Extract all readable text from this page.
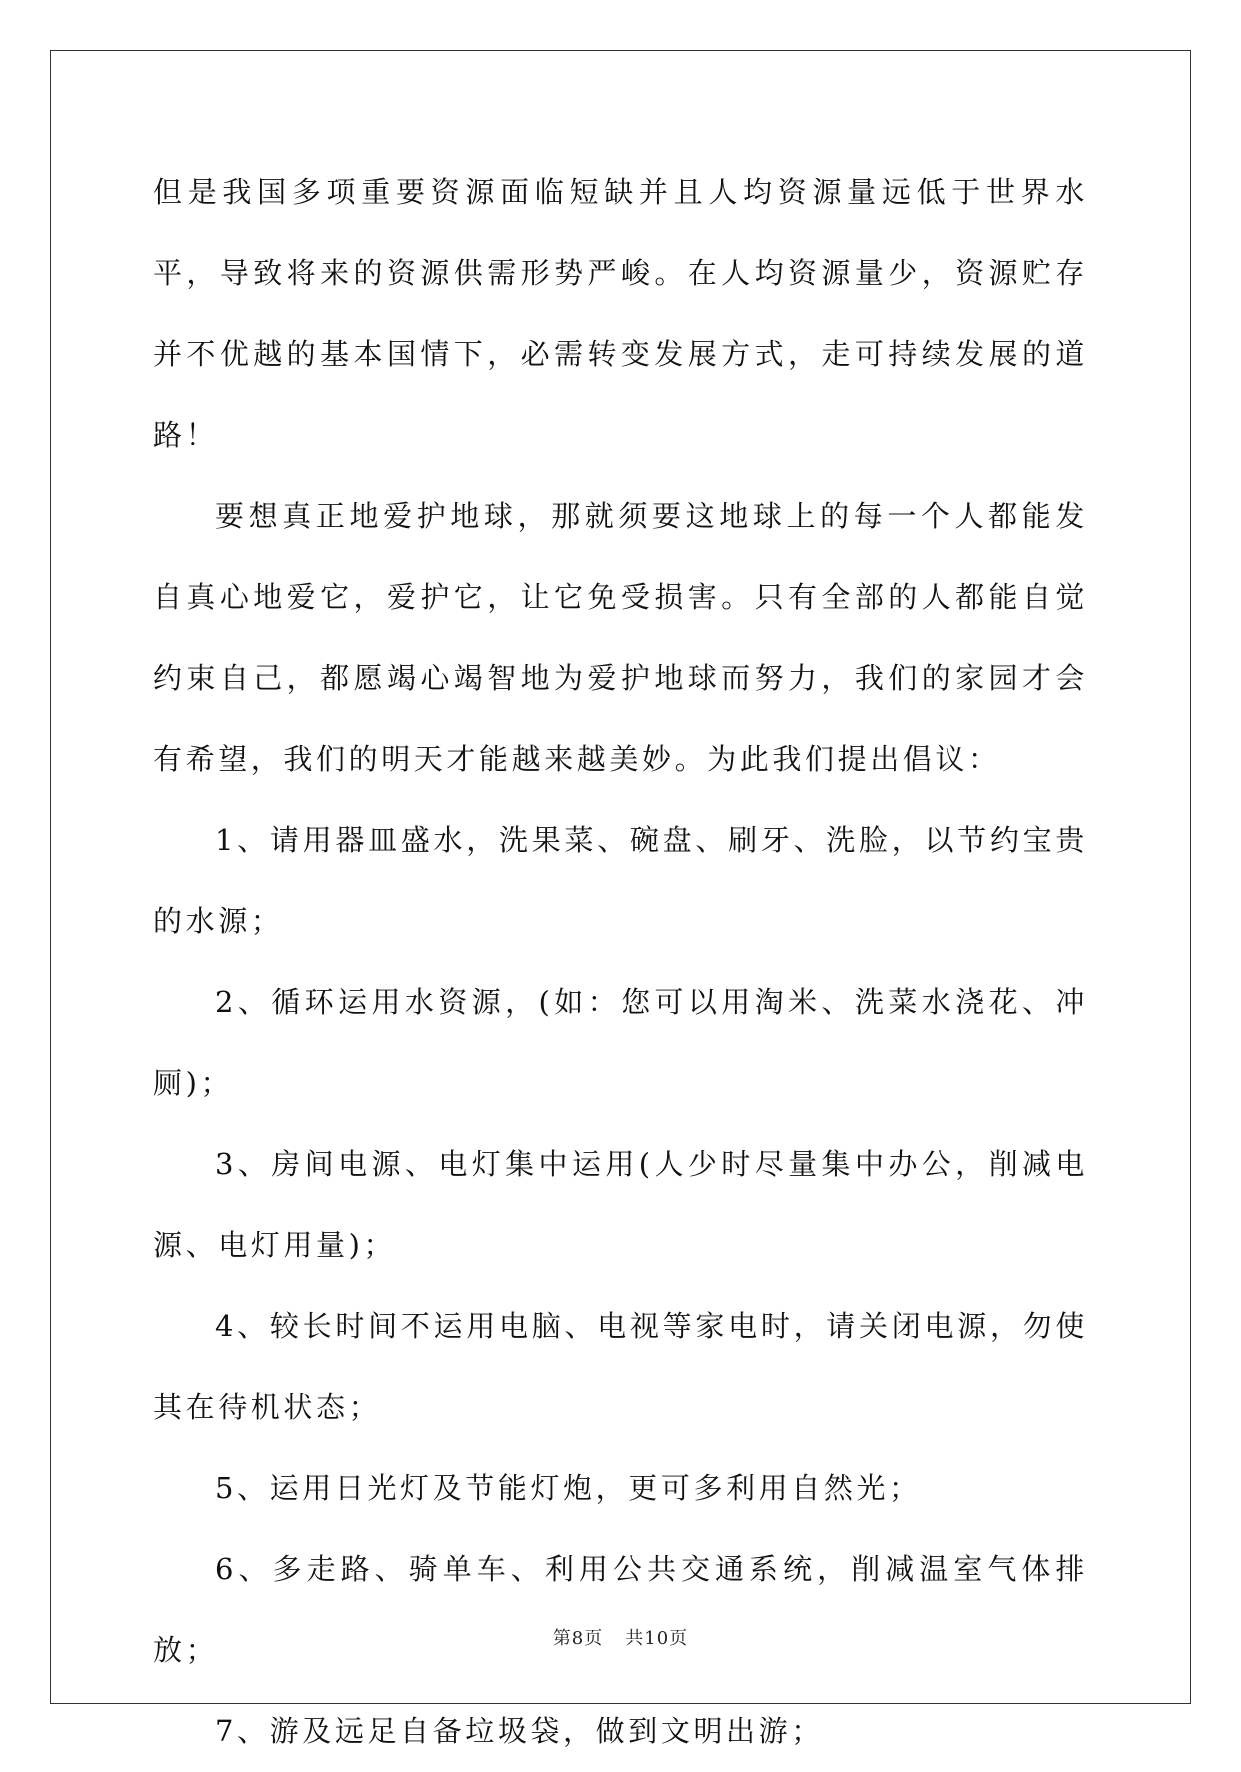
但是我国多项重要资源面临短缺并且人均资源量远低于世界水平，导致将来的资源供需形势严峻。在人均资源量少，资源贮存并不优越的基本国情下，必需转变发展方式，走可持续发展的道路！

要想真正地爱护地球，那就须要这地球上的每一个人都能发自真心地爱它，爱护它，让它免受损害。只有全部的人都能自觉约束自己，都愿竭心竭智地为爱护地球而努力，我们的家园才会有希望，我们的明天才能越来越美妙。为此我们提出倡议：

1、请用器皿盛水，洗果菜、碗盘、刷牙、洗脸，以节约宝贵的水源；

2、循环运用水资源，(如：您可以用淘米、洗菜水浇花、冲厕)；

3、房间电源、电灯集中运用(人少时尽量集中办公，削减电源、电灯用量)；

4、较长时间不运用电脑、电视等家电时，请关闭电源，勿使其在待机状态；

5、运用日光灯及节能灯炮，更可多利用自然光；

6、多走路、骑单车、利用公共交通系统，削减温室气体排放；

7、游及远足自备垃圾袋，做到文明出游；

第8页 共10页
